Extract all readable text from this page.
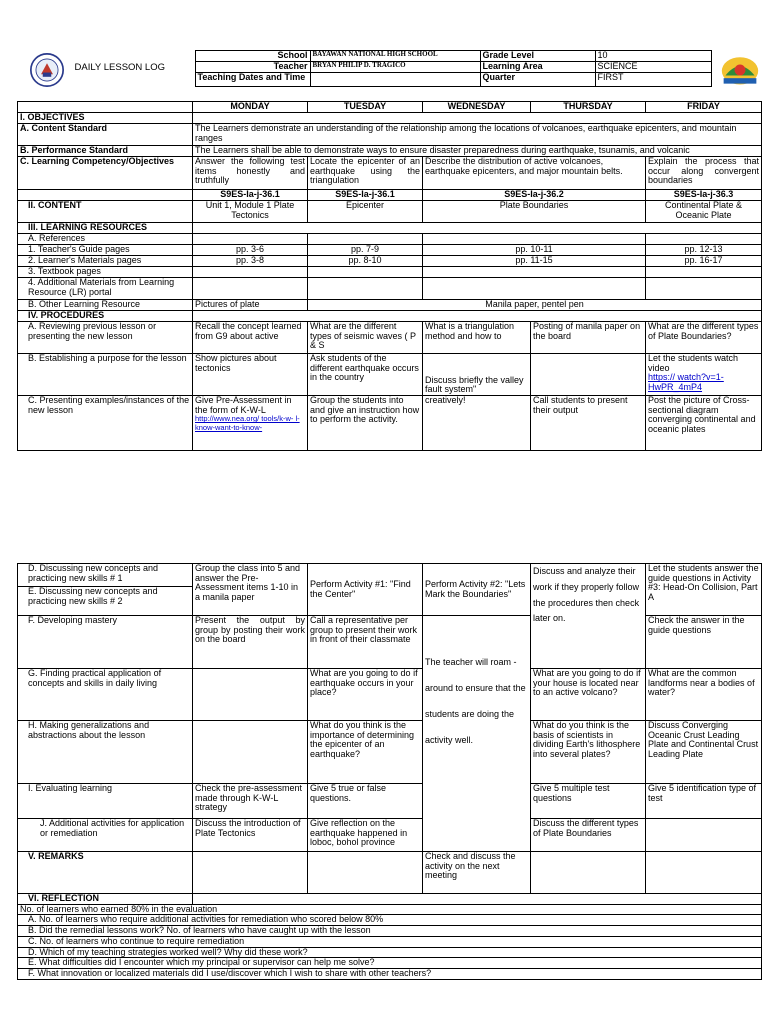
DAILY LESSON LOG	School	BAYAWAN NATIONAL HIGH SCHOOL	Grade Level	10	
	Teacher	BRYAN PHILIP D. TRAGICO	Learning Area	SCIENCE	
	Teaching Dates and Time		Quarter	FIRST	
	MONDAY	TUESDAY	WEDNESDAY	THURSDAY	FRIDAY
I. OBJECTIVES					
A. Content Standard	The Learners demonstrate an understanding of the relationship among the locations of volcanoes, earthquake epicenters, and mountain ranges				
B. Performance Standard	The Learners shall be able to demonstrate ways to ensure disaster preparedness during earthquake, tsunamis, and volcanic				
C. Learning Competency/Objectives	Answer the following test items honestly and truthfully	Locate the epicenter of an earthquake using the triangulation	Describe the distribution of active volcanoes, earthquake epicenters, and major mountain belts.		Explain the process that occur along convergent boundaries
	S9ES-Ia-j-36.1	S9ES-Ia-j-36.1	S9ES-Ia-j-36.2		S9ES-Ia-j-36.3
II. CONTENT	Unit 1, Module 1 Plate Tectonics	Epicenter	Plate Boundaries		Continental Plate & Oceanic Plate
III. LEARNING RESOURCES					
A. References					
1. Teacher's Guide pages	pp. 3-6	pp. 7-9	pp. 10-11		pp. 12-13
2. Learner's Materials pages	pp. 3-8	pp. 8-10	pp. 11-15		pp. 16-17
3. Textbook pages					
4. Additional Materials from Learning Resource (LR) portal					
B. Other Learning Resource	Pictures of plate	Manila paper, pentel pen			
IV. PROCEDURES					
A. Reviewing previous lesson or presenting the new lesson	Recall the concept learned from G9 about active	What are the different types of seismic waves ( P & S	What is a triangulation method and how to	Posting of manila paper on the board	What are the different types of Plate Boundaries?
B. Establishing a purpose for the lesson	Show pictures about tectonics	Ask students of the different earthquake occurs in the country	Discuss briefly the valley fault system"		Let the students watch video
https:// watch?v=1-HwPR_4mP4

C. Presenting examples/instances of the new lesson	Give Pre-Assessment in the form of K-W-L
http://www.nea.org/ tools/k-w- l-know-want-to-know-	Group the students into and give an instruction how to perform the activity.	creatively!	Call students to present their output	Post the picture of Cross-sectional diagram converging continental and oceanic plates
D. Discussing new concepts and practicing new skills # 1
E. Discussing new concepts and practicing new skills # 2	Group the class into 5 and answer the Pre-Assessment items 1-10 in a manila paper	Perform Activity #1: "Find the Center"	Perform Activity #2: "Lets Mark the Boundaries"	Discuss and analyze their work if they properly follow the procedures then check later on.	Let the students answer the guide questions in Activity #3: Head-On Collision, Part A
F. Developing mastery	Present the output by group by posting their work on the board	Call a representative per group to present their work in front of their classmate	The teacher will roam - around to ensure that the students are doing the activity well.		Check the answer in the guide questions
G. Finding practical application of concepts and skills in daily living		What are you going to do if earthquake occurs in your place?		What are you going to do if your house is located near to an active volcano?	What are the common landforms near a bodies of water?
H. Making generalizations and abstractions about the lesson		What do you think is the importance of determining the epicenter of an earthquake?		What do you think is the basis of scientists in dividing Earth's lithosphere into several plates?	Discuss Converging Oceanic Crust Leading Plate and Continental Crust Leading Plate
I. Evaluating learning	Check the pre-assessment made through K-W-L strategy	Give 5 true or false questions.		Give 5 multiple test questions	Give 5 identification type of test
J. Additional activities for application or remediation	Discuss the introduction of Plate Tectonics	Give reflection on the earthquake happened in loboc, bohol province		Discuss the different types of Plate Boundaries	
V. REMARKS			Check and discuss the activity on the next meeting		
VI. REFLECTION					
No. of learners who earned 80% in the evaluation					
A. No. of learners who require additional activities for remediation who scored below 80%					
B. Did the remedial lessons work? No. of learners who have caught up with the lesson					
C. No. of learners who continue to require remediation					
D. Which of my teaching strategies worked well? Why did these work?					
E. What difficulties did I encounter which my principal or supervisor can help me solve?					
F. What innovation or localized materials did I use/discover which I wish to share with other teachers?					
